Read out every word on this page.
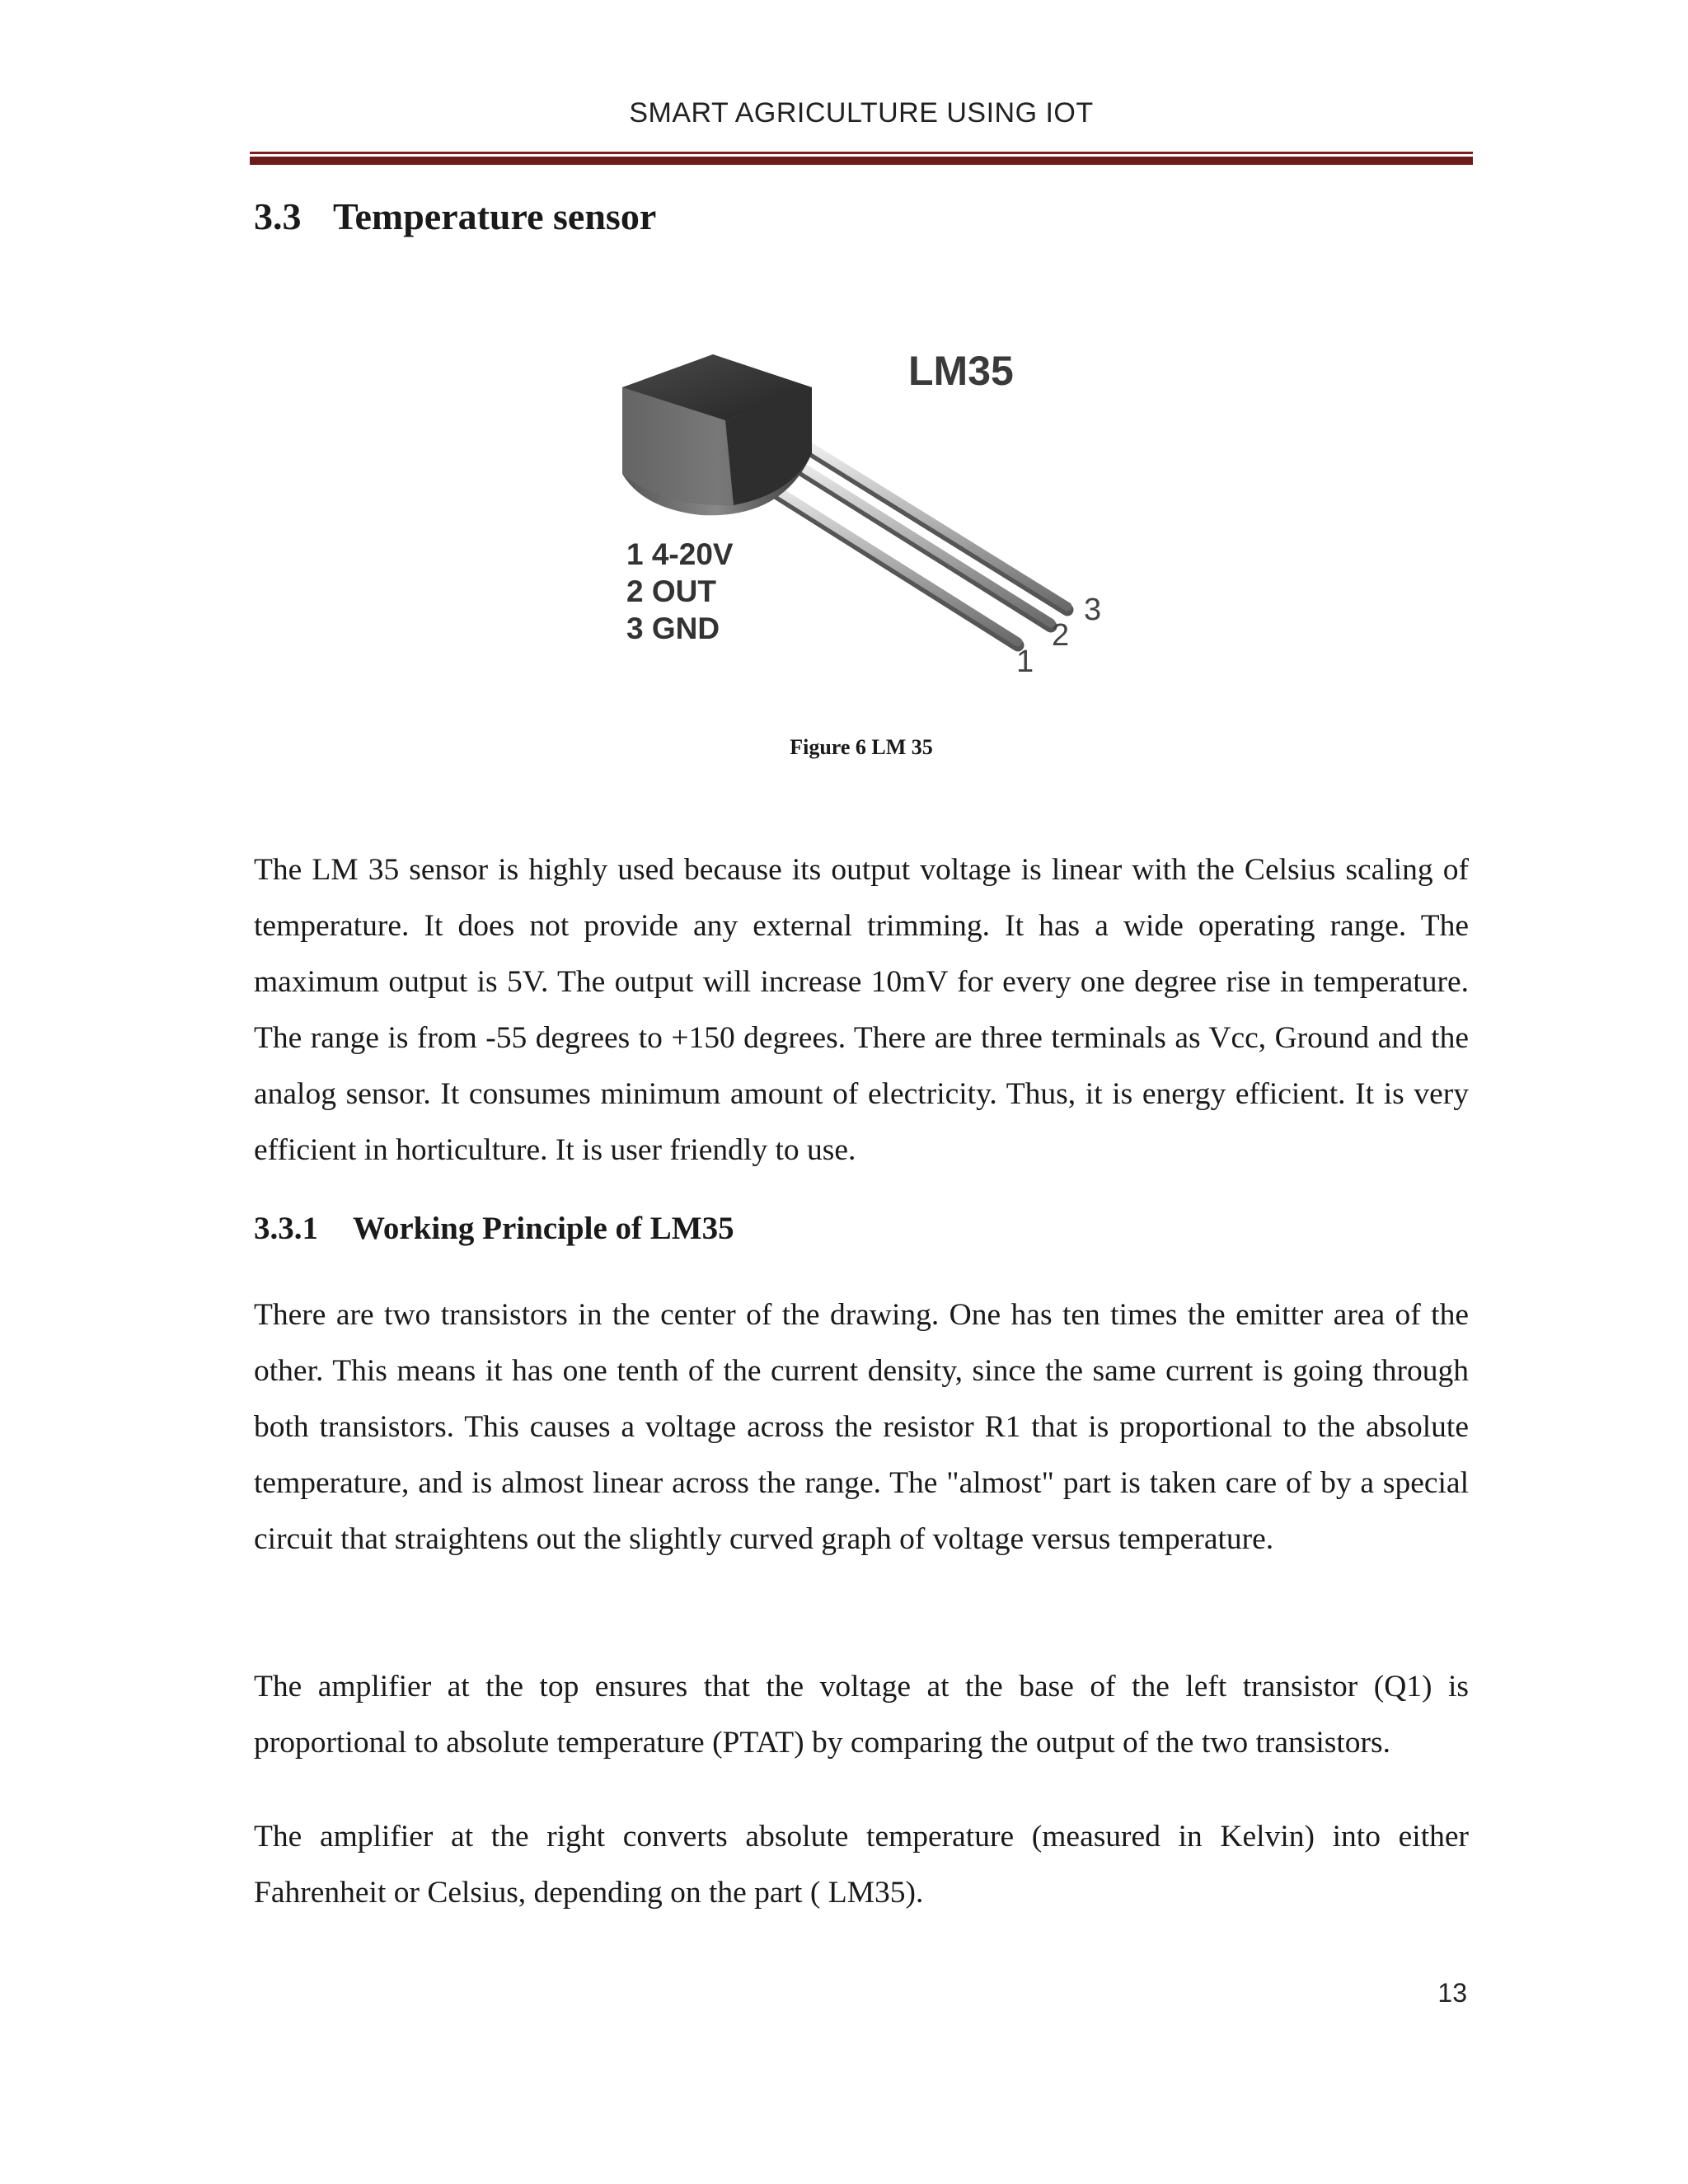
SMART AGRICULTURE USING IOT
3.3 Temperature sensor
LM35
1 4-20V
2 OUT
3 GND
1
2
3
Figure 6 LM 35

The LM 35 sensor is highly used because its output voltage is linear with the Celsius scaling of temperature. It does not provide any external trimming. It has a wide operating range. The maximum output is 5V. The output will increase 10mV for every one degree rise in temperature. The range is from -55 degrees to +150 degrees. There are three terminals as Vcc, Ground and the analog sensor. It consumes minimum amount of electricity. Thus, it is energy efficient. It is very efficient in horticulture. It is user friendly to use.

3.3.1 Working Principle of LM35

There are two transistors in the center of the drawing. One has ten times the emitter area of the other. This means it has one tenth of the current density, since the same current is going through both transistors. This causes a voltage across the resistor R1 that is proportional to the absolute temperature, and is almost linear across the range. The "almost" part is taken care of by a special circuit that straightens out the slightly curved graph of voltage versus temperature.

The amplifier at the top ensures that the voltage at the base of the left transistor (Q1) is proportional to absolute temperature (PTAT) by comparing the output of the two transistors.

The amplifier at the right converts absolute temperature (measured in Kelvin) into either Fahrenheit or Celsius, depending on the part ( LM35).

13
